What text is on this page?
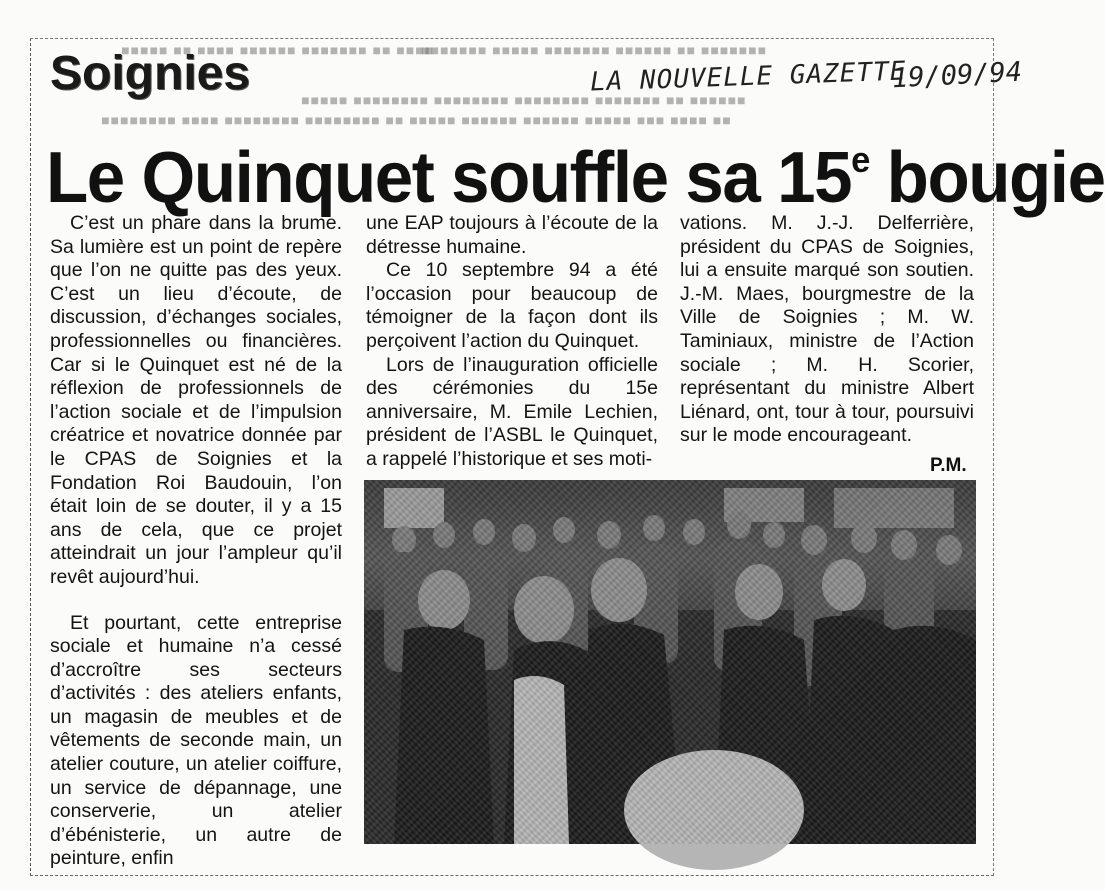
■■■■ ■■ ■■■■■■■ ■■■■■■ ■■■■ ■■ ■■■■■
■■■■■■■ ■■ ■■■■■■ ■■■■■■■ ■■■■■ ■■■■■■■
■■■■■■ ■■ ■■■■■■■ ■■■■■■■■ ■■■■■■■■ ■■■■■■■■ ■■■■■
■■ ■■■■ ■■■ ■■■■■ ■■■■■■ ■■■■■■ ■■■■■ ■■ ■■■■■■■■ ■■■■■■■■ ■■■■ ■■■■■■■■
Soignies	LA NOUVELLE GAZETTE
19/09/94
Le Quinquet souffle sa 15e bougie

C’est un phare dans la brume. Sa lumière est un point de repère que l’on ne quitte pas des yeux. C’est un lieu d’écoute, de discussion, d’échanges sociales, professionnelles ou financières. Car si le Quinquet est né de la réflexion de professionnels de l’action sociale et de l’impulsion créatrice et novatrice donnée par le CPAS de Soignies et la Fondation Roi Baudouin, l’on était loin de se douter, il y a 15 ans de cela, que ce projet atteindrait un jour l’ampleur qu’il revêt aujourd’hui.

Et pourtant, cette entreprise sociale et humaine n’a cessé d’accroître ses secteurs d’activités : des ateliers enfants, un magasin de meubles et de vêtements de seconde main, un atelier couture, un atelier coiffure, un service de dépannage, une conserverie, un atelier d’ébénisterie, un autre de peinture, enfin

une EAP toujours à l’écoute de la détresse humaine.

Ce 10 septembre 94 a été l’occasion pour beaucoup de témoigner de la façon dont ils perçoivent l’action du Quinquet.

Lors de l’inauguration officielle des cérémonies du 15e anniversaire, M. Emile Lechien, président de l’ASBL le Quinquet, a rappelé l’historique et ses moti-

vations. M. J.-J. Delferrière, président du CPAS de Soignies, lui a ensuite marqué son soutien. J.-M. Maes, bourgmestre de la Ville de Soignies ; M. W. Taminiaux, ministre de l’Action sociale ; M. H. Scorier, représentant du ministre Albert Liénard, ont, tour à tour, poursuivi sur le mode encourageant.

P.M.
